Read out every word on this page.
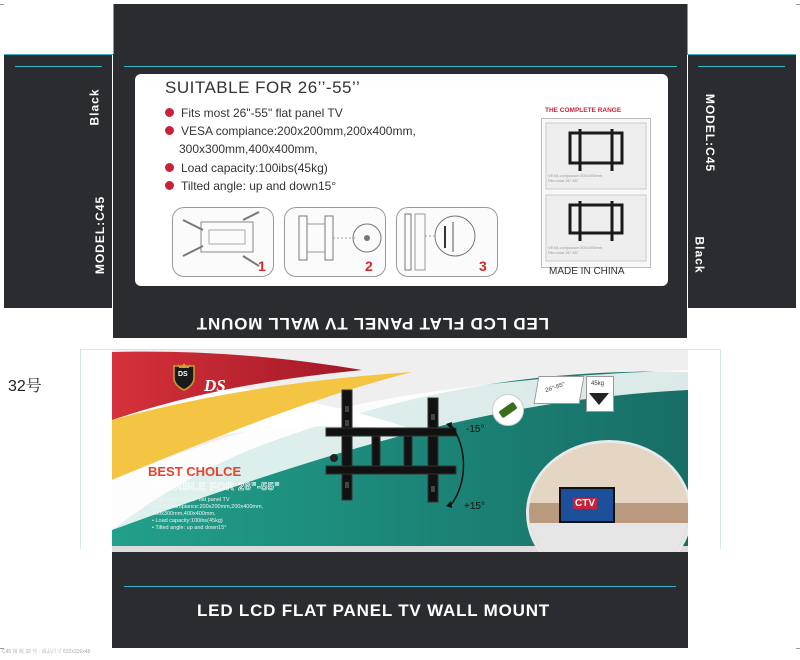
Black
MODEL:C45
MODEL:C45
Black
SUITABLE FOR 26’’-55’’
Fits most 26"-55" flat panel TV
VESA compiance:200x200mm,200x400mm,
300x300mm,400x400mm,
Load capacity:100ibs(45kg)
Tilted angle: up and down15°
1	2	3
THE COMPLETE RANGE
VESA compiance:200x200mm
Fits most 26"-55"
VESA compiance:200x200mm
Fits most 26"-55"
MADE IN CHINA
LED LCD FLAT PANEL TV WALL MOUNT
32号
DS
DS
-15°
+15°
26"-55"	45kg
CTV
BEST CHOLCE
SUITABLE FOR 26"-55"
• Fits most 26"-55" flat panel TV
• VESA compiance:200x200mm,200x400mm,
300x300mm,400x400mm,
• Load capacity:100ibs(45kg)
• Tilted angle: up and down15°
LED LCD FLAT PANEL TV WALL MOUNT
C45 箱 纸 32 号 · 成品尺寸 632x226x48
